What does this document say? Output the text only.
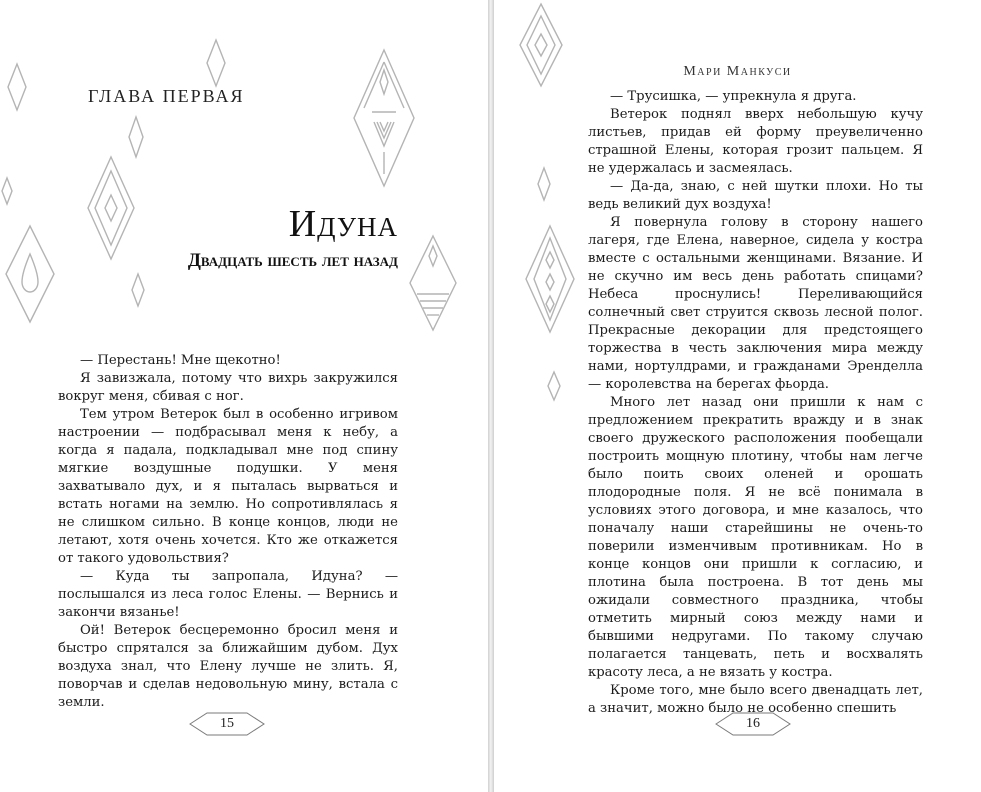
ГЛАВА ПЕРВАЯ
Идуна
Двадцать шесть лет назад

— Перестань! Мне щекотно!

Я завизжала, потому что вихрь закружился вокруг меня, сбивая с ног.

Тем утром Ветерок был в особенно игривом настроении — подбрасывал меня к небу, а когда я падала, подкладывал мне под спину мягкие воздушные подушки. У меня захватывало дух, и я пыталась вырваться и встать ногами на землю. Но сопротивлялась я не слишком сильно. В конце концов, люди не летают, хотя очень хочется. Кто же откажется от такого удовольствия?

— Куда ты запропала, Идуна? — послышался из леса голос Елены. — Вернись и закончи вязанье!

Ой! Ветерок бесцеремонно бросил меня и быстро спрятался за ближайшим дубом. Дух воздуха знал, что Елену лучше не злить. Я, поворчав и сделав недовольную мину, встала с земли.

15
Мари Манкуси

— Трусишка, — упрекнула я друга.

Ветерок поднял вверх небольшую кучу листьев, придав ей форму преувеличенно страшной Елены, которая грозит пальцем. Я не удержалась и засмеялась.

— Да-да, знаю, с ней шутки плохи. Но ты ведь великий дух воздуха!

Я повернула голову в сторону нашего лагеря, где Елена, наверное, сидела у костра вместе с остальными женщинами. Вязание. И не скучно им весь день работать спицами? Небеса проснулись! Переливающийся солнечный свет струится сквозь лесной полог. Прекрасные декорации для предстоящего торжества в честь заключения мира между нами, нортулдрами, и гражданами Эренделла — королевства на берегах фьорда.

Много лет назад они пришли к нам с предложением прекратить вражду и в знак своего дружеского расположения пообещали построить мощную плотину, чтобы нам легче было поить своих оленей и орошать плодородные поля. Я не всё понимала в условиях этого договора, и мне казалось, что поначалу наши старейшины не очень-то поверили изменчивым противникам. Но в конце концов они пришли к согласию, и плотина была построена. В тот день мы ожидали совместного праздника, чтобы отметить мирный союз между нами и бывшими недругами. По такому случаю полагается танцевать, петь и восхвалять красоту леса, а не вязать у костра.

Кроме того, мне было всего двенадцать лет, а значит, можно было не особенно спешить

16
